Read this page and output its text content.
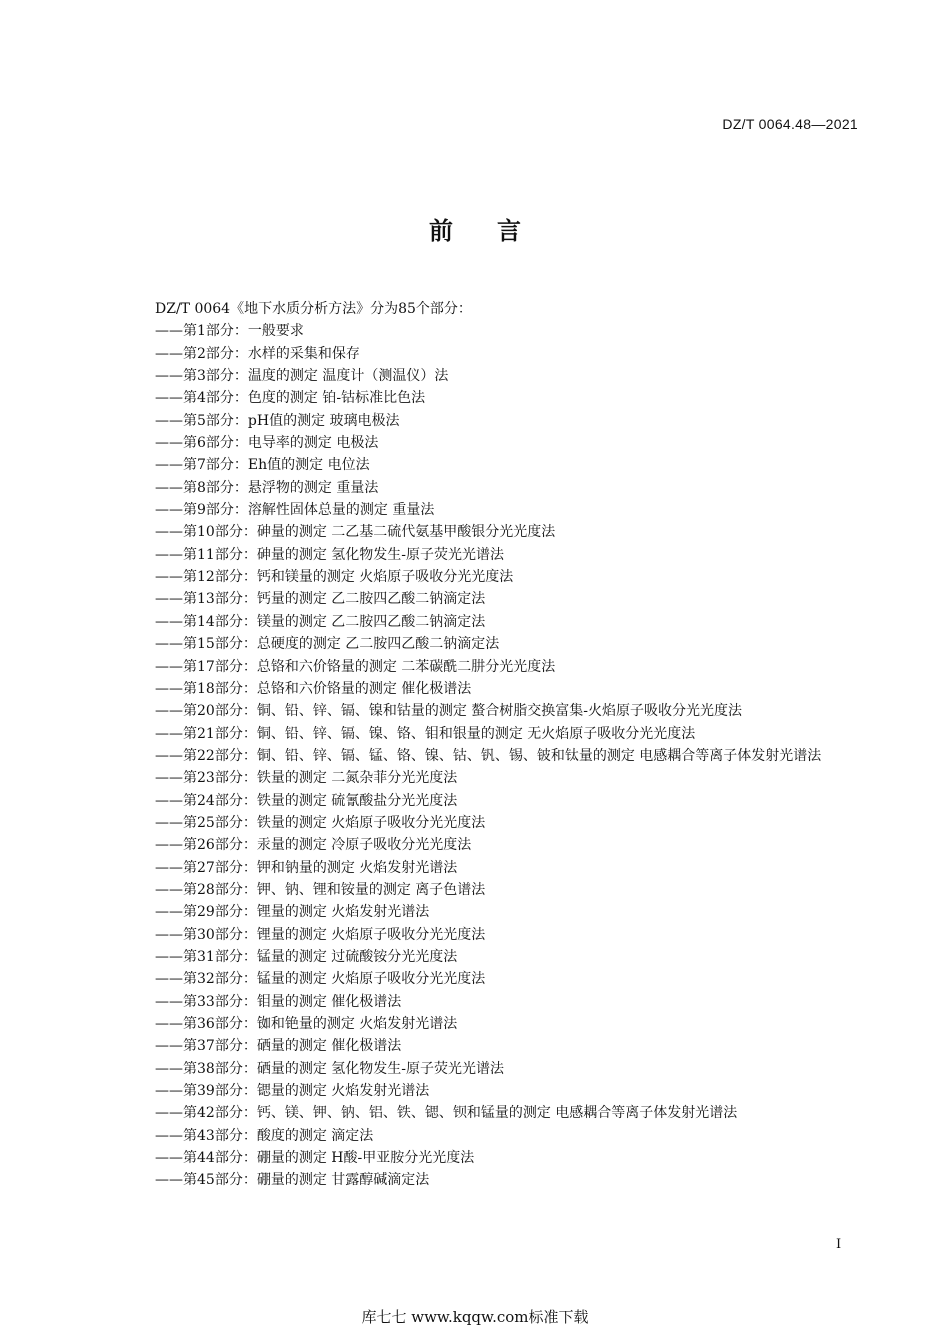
DZ/T 0064.48—2021
前言
DZ/T 0064《地下水质分析方法》分为85个部分：
——第1部分：一般要求
——第2部分：水样的采集和保存
——第3部分：温度的测定 温度计（测温仪）法
——第4部分：色度的测定 铂-钴标准比色法
——第5部分：pH值的测定 玻璃电极法
——第6部分：电导率的测定 电极法
——第7部分：Eh值的测定 电位法
——第8部分：悬浮物的测定 重量法
——第9部分：溶解性固体总量的测定 重量法
——第10部分：砷量的测定 二乙基二硫代氨基甲酸银分光光度法
——第11部分：砷量的测定 氢化物发生-原子荧光光谱法
——第12部分：钙和镁量的测定 火焰原子吸收分光光度法
——第13部分：钙量的测定 乙二胺四乙酸二钠滴定法
——第14部分：镁量的测定 乙二胺四乙酸二钠滴定法
——第15部分：总硬度的测定 乙二胺四乙酸二钠滴定法
——第17部分：总铬和六价铬量的测定 二苯碳酰二肼分光光度法
——第18部分：总铬和六价铬量的测定 催化极谱法
——第20部分：铜、铅、锌、镉、镍和钴量的测定 螯合树脂交换富集-火焰原子吸收分光光度法
——第21部分：铜、铅、锌、镉、镍、铬、钼和银量的测定 无火焰原子吸收分光光度法
——第22部分：铜、铅、锌、镉、锰、铬、镍、钴、钒、锡、铍和钛量的测定 电感耦合等离子体发射光谱法
——第23部分：铁量的测定 二氮杂菲分光光度法
——第24部分：铁量的测定 硫氰酸盐分光光度法
——第25部分：铁量的测定 火焰原子吸收分光光度法
——第26部分：汞量的测定 冷原子吸收分光光度法
——第27部分：钾和钠量的测定 火焰发射光谱法
——第28部分：钾、钠、锂和铵量的测定 离子色谱法
——第29部分：锂量的测定 火焰发射光谱法
——第30部分：锂量的测定 火焰原子吸收分光光度法
——第31部分：锰量的测定 过硫酸铵分光光度法
——第32部分：锰量的测定 火焰原子吸收分光光度法
——第33部分：钼量的测定 催化极谱法
——第36部分：铷和铯量的测定 火焰发射光谱法
——第37部分：硒量的测定 催化极谱法
——第38部分：硒量的测定 氢化物发生-原子荧光光谱法
——第39部分：锶量的测定 火焰发射光谱法
——第42部分：钙、镁、钾、钠、铝、铁、锶、钡和锰量的测定 电感耦合等离子体发射光谱法
——第43部分：酸度的测定 滴定法
——第44部分：硼量的测定 H酸-甲亚胺分光光度法
——第45部分：硼量的测定 甘露醇碱滴定法
I
库七七 www.kqqw.com标准下载
